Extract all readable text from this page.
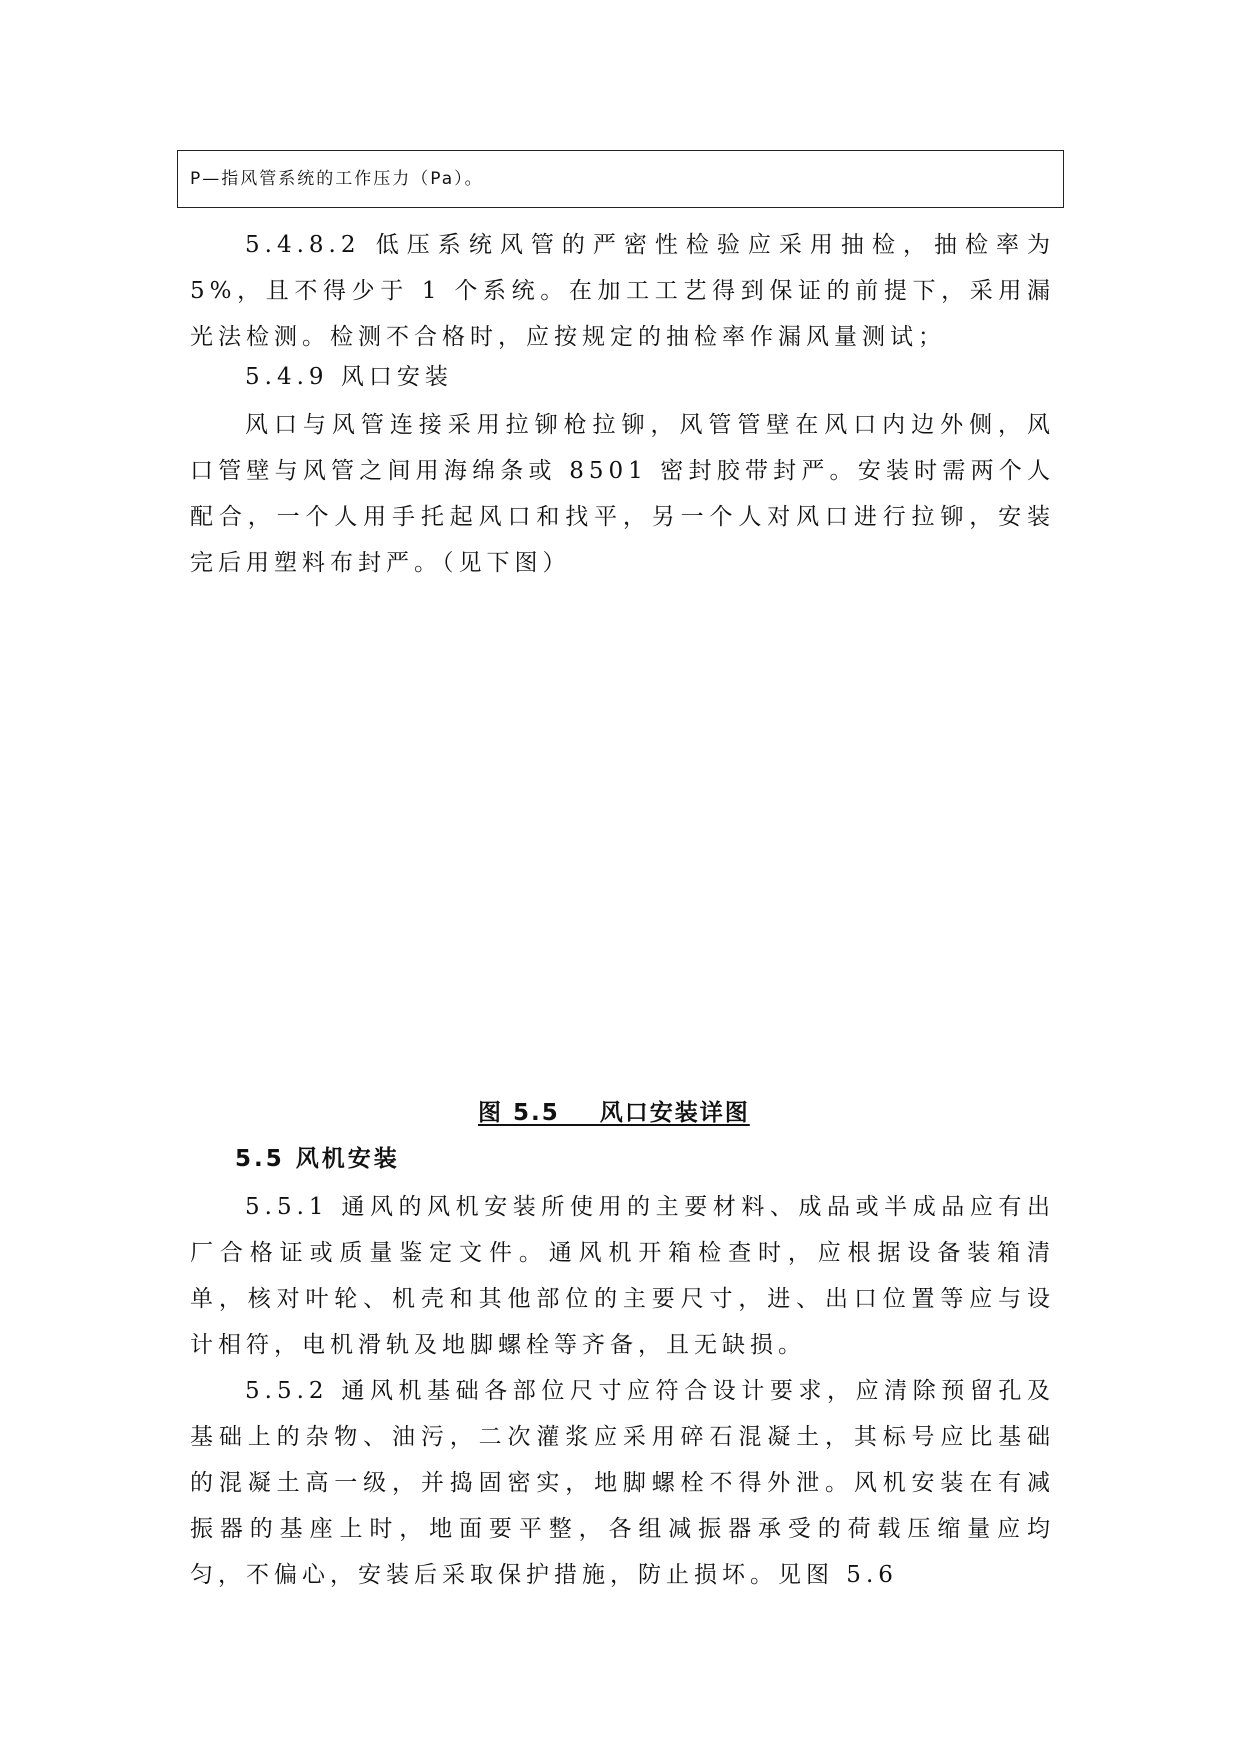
P—指风管系统的工作压力（Pa）。

5.4.8.2 低压系统风管的严密性检验应采用抽检，抽检率为 5%，且不得少于 1 个系统。在加工工艺得到保证的前提下，采用漏光法检测。检测不合格时，应按规定的抽检率作漏风量测试；

5.4.9 风口安装

风口与风管连接采用拉铆枪拉铆，风管管壁在风口内边外侧，风口管壁与风管之间用海绵条或 8501 密封胶带封严。安装时需两个人配合，一个人用手托起风口和找平，另一个人对风口进行拉铆，安装完后用塑料布封严。（见下图）

图 5.5    风口安装详图

5.5 风机安装

5.5.1 通风的风机安装所使用的主要材料、成品或半成品应有出厂合格证或质量鉴定文件。通风机开箱检查时，应根据设备装箱清单，核对叶轮、机壳和其他部位的主要尺寸，进、出口位置等应与设计相符，电机滑轨及地脚螺栓等齐备，且无缺损。

5.5.2 通风机基础各部位尺寸应符合设计要求，应清除预留孔及基础上的杂物、油污，二次灌浆应采用碎石混凝土，其标号应比基础的混凝土高一级，并捣固密实，地脚螺栓不得外泄。风机安装在有减振器的基座上时，地面要平整，各组减振器承受的荷载压缩量应均匀，不偏心，安装后采取保护措施，防止损坏。见图 5.6
